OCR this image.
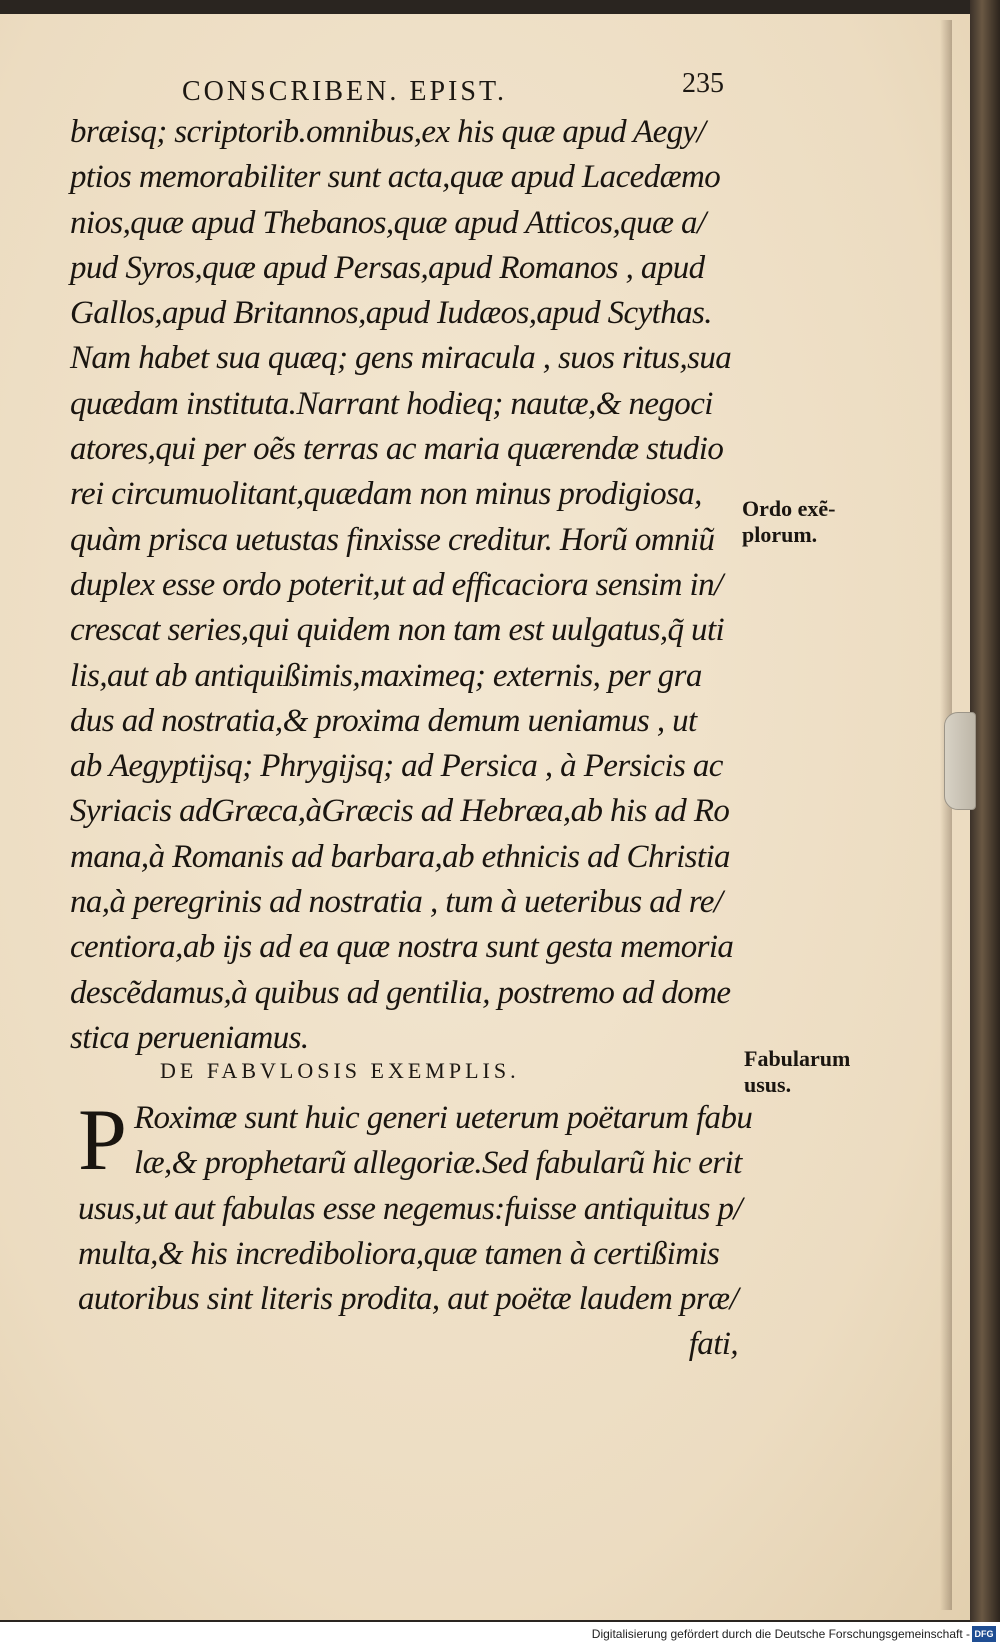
CONSCRIBEN. EPIST.	235
bræisq; scriptorib.omnibus,ex his quæ apud Aegy/
ptios memorabiliter sunt acta,quæ apud Lacedæmo
nios,quæ apud Thebanos,quæ apud Atticos,quæ a/
pud Syros,quæ apud Persas,apud Romanos , apud
Gallos,apud Britannos,apud Iudæos,apud Scythas.
Nam habet sua quæq; gens miracula , suos ritus,sua
quædam instituta.Narrant hodieq; nautæ,& negoci
atores,qui per oẽs terras ac maria quærendæ studio
rei circumuolitant,quædam non minus prodigiosa,
quàm prisca uetustas finxisse creditur. Horũ omniũ
duplex esse ordo poterit,ut ad efficaciora sensim in/
crescat series,qui quidem non tam est uulgatus,q̃ uti
lis,aut ab antiquißimis,maximeq; externis, per gra
dus ad nostratia,& proxima demum ueniamus , ut
ab Aegyptijsq; Phrygijsq; ad Persica , à Persicis ac
Syriacis adGræca,àGræcis ad Hebræa,ab his ad Ro
mana,à Romanis ad barbara,ab ethnicis ad Christia
na,à peregrinis ad nostratia , tum à ueteribus ad re/
centiora,ab ijs ad ea quæ nostra sunt gesta memoria
descẽdamus,à quibus ad gentilia, postremo ad dome
stica perueniamus.
Ordo exẽ-
plorum.
DE FABVLOSIS EXEMPLIS.	Fabularum
usus.
P Roximæ sunt huic generi ueterum poëtarum fabu
læ,& prophetarũ allegoriæ.Sed fabularũ hic erit
usus,ut aut fabulas esse negemus:fuisse antiquitus p/
multa,& his incrediboliora,quæ tamen à certißimis
autoribus sint literis prodita, aut poëtæ laudem præ/
fati,
Digitalisierung gefördert durch die Deutsche Forschungsgemeinschaft - DFG
